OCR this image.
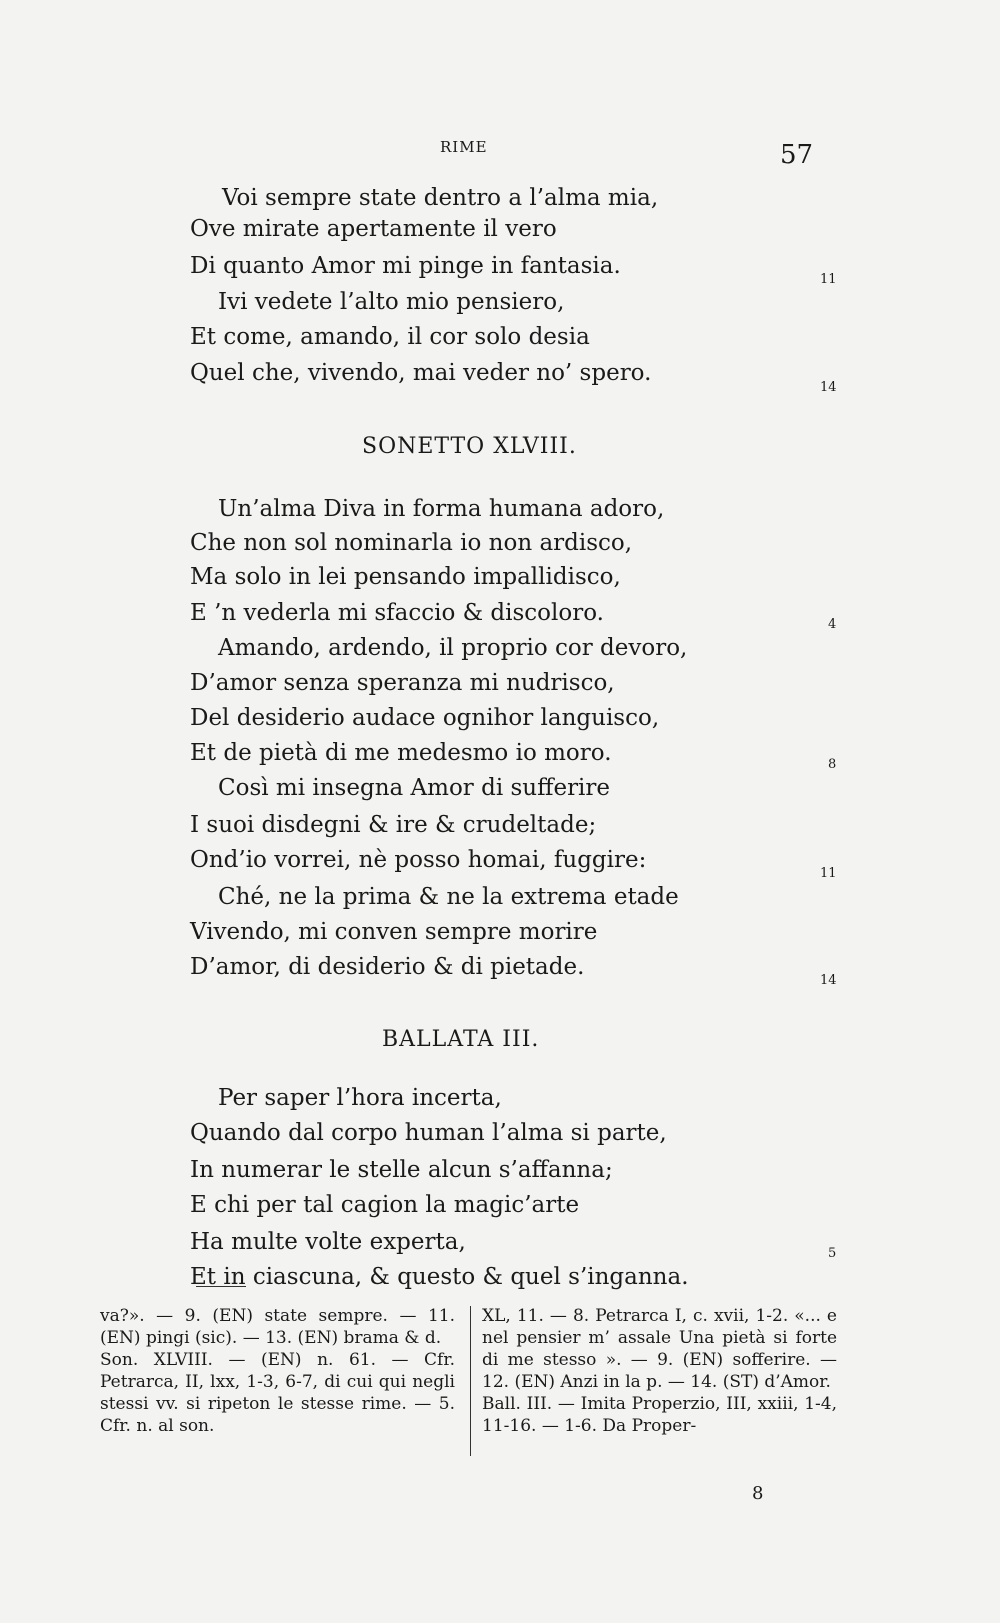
RIME	57
Voi sempre state dentro a l’alma mia,
Ove mirate apertamente il vero
Di quanto Amor mi pinge in fantasia.
Ivi vedete l’alto mio pensiero,
Et come, amando, il cor solo desia
Quel che, vivendo, mai veder no’ spero.
SONETTO XLVIII.
Un’alma Diva in forma humana adoro,
Che non sol nominarla io non ardisco,
Ma solo in lei pensando impallidisco,
E ’n vederla mi sfaccio & discoloro.
Amando, ardendo, il proprio cor devoro,
D’amor senza speranza mi nudrisco,
Del desiderio audace ognihor languisco,
Et de pietà di me medesmo io moro.
Così mi insegna Amor di sufferire
I suoi disdegni & ire & crudeltade;
Ond’io vorrei, nè posso homai, fuggire:
Ché, ne la prima & ne la extrema etade
Vivendo, mi conven sempre morire
D’amor, di desiderio & di pietade.
BALLATA III.
Per saper l’hora incerta,
Quando dal corpo human l’alma si parte,
In numerar le stelle alcun s’affanna;
E chi per tal cagion la magic’arte
Ha multe volte experta,
Et in ciascuna, & questo & quel s’inganna.
11
14
4
8
11
14
5

va?». — 9. (EN) state sempre. — 11. (EN) pingi (sic). — 13. (EN) brama & d.

Son. XLVIII. — (EN) n. 61. — Cfr. Petrarca, II, lxx, 1-3, 6-7, di cui qui negli stessi vv. si ripeton le stesse rime. — 5. Cfr. n. al son.

XL, 11. — 8. Petrarca I, c. xvii, 1-2. «... e nel pensier m’ assale Una pietà si forte di me stesso ». — 9. (EN) sofferire. — 12. (EN) Anzi in la p. — 14. (ST) d’Amor.

Ball. III. — Imita Properzio, III, xxiii, 1-4, 11-16. — 1-6. Da Proper-

8
